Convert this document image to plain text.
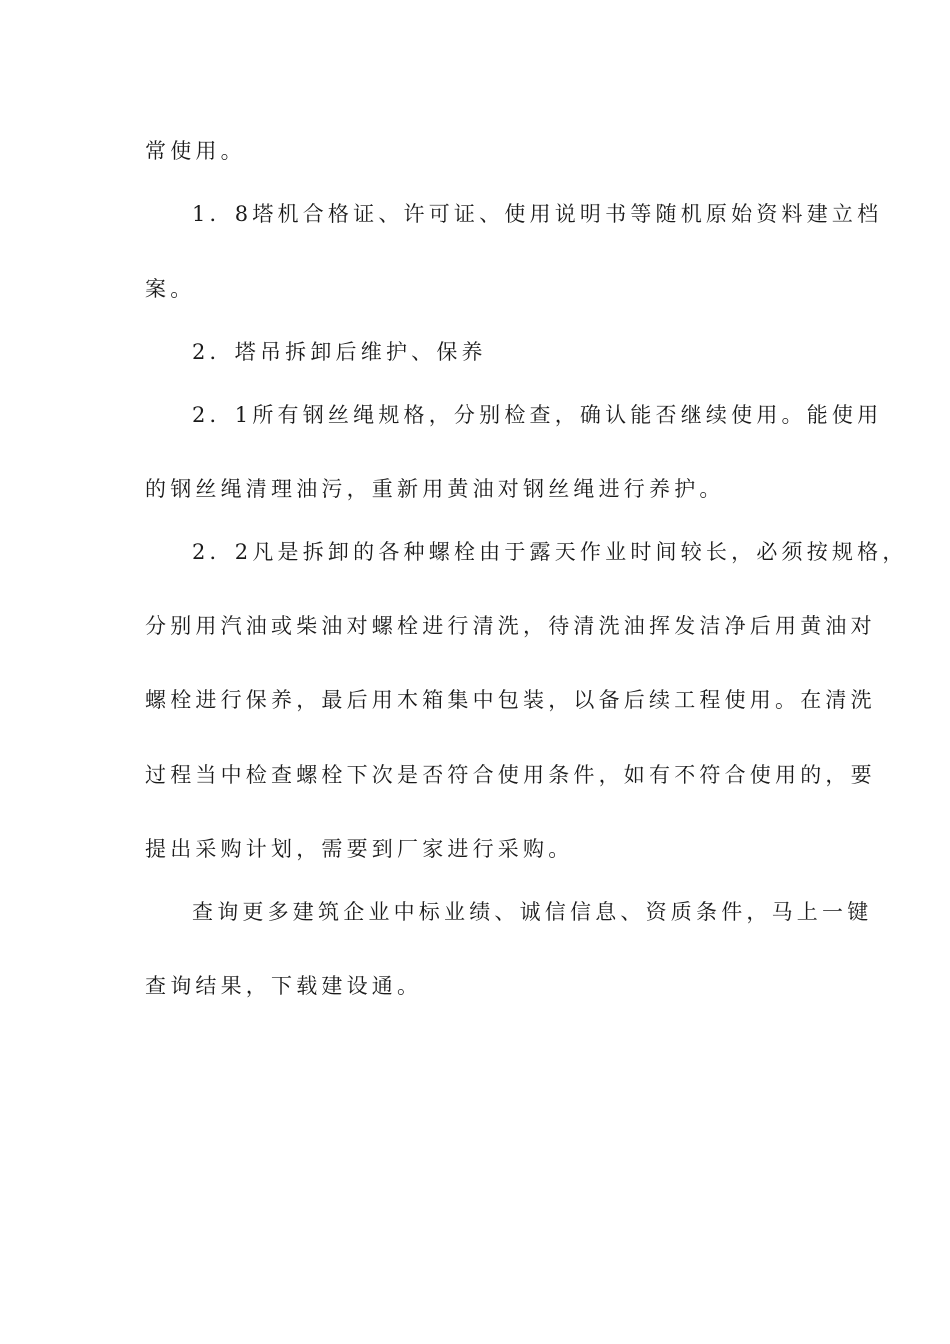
常使用。
1．8塔机合格证、许可证、使用说明书等随机原始资料建立档
案。
2．塔吊拆卸后维护、保养
2．1所有钢丝绳规格，分别检查，确认能否继续使用。能使用
的钢丝绳清理油污，重新用黄油对钢丝绳进行养护。
2．2凡是拆卸的各种螺栓由于露天作业时间较长，必须按规格，
分别用汽油或柴油对螺栓进行清洗，待清洗油挥发洁净后用黄油对
螺栓进行保养，最后用木箱集中包装，以备后续工程使用。在清洗
过程当中检查螺栓下次是否符合使用条件，如有不符合使用的，要
提出采购计划，需要到厂家进行采购。
查询更多建筑企业中标业绩、诚信信息、资质条件，马上一键
查询结果，下载建设通。
